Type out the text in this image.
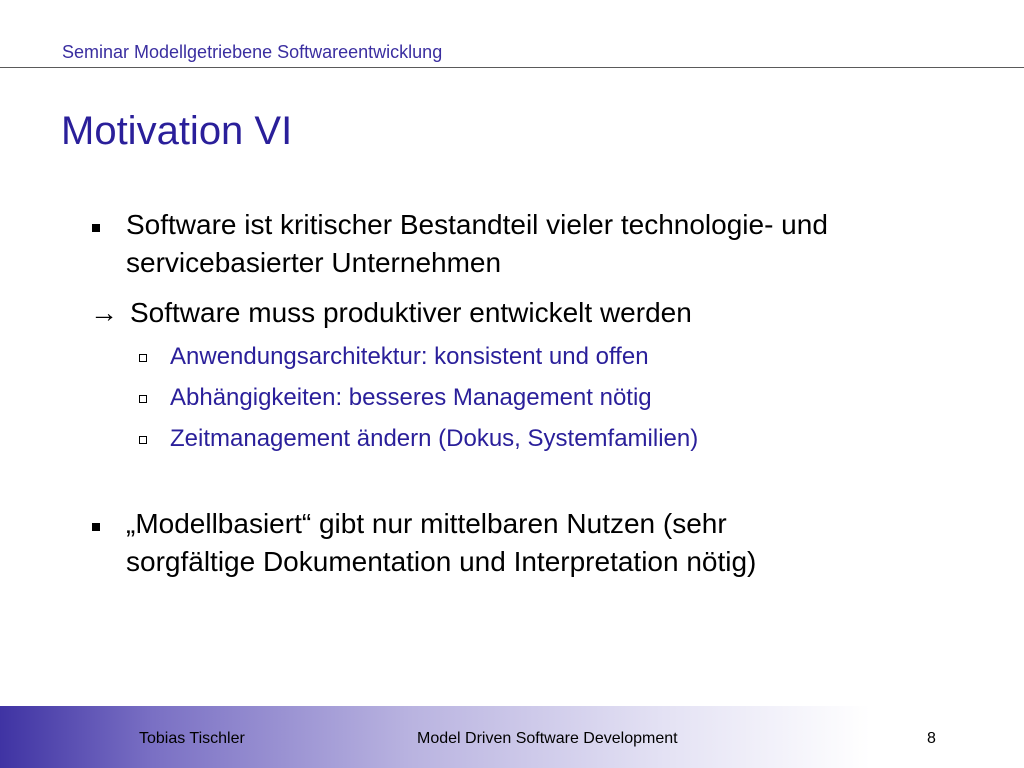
Seminar Modellgetriebene Softwareentwicklung
Motivation VI
Software ist kritischer Bestandteil vieler technologie- und servicebasierter Unternehmen
→ Software muss produktiver entwickelt werden
Anwendungsarchitektur: konsistent und offen
Abhängigkeiten: besseres Management nötig
Zeitmanagement ändern (Dokus, Systemfamilien)
„Modellbasiert“ gibt nur mittelbaren Nutzen (sehr sorgfältige Dokumentation und Interpretation nötig)
Tobias Tischler	Model Driven Software Development	8
